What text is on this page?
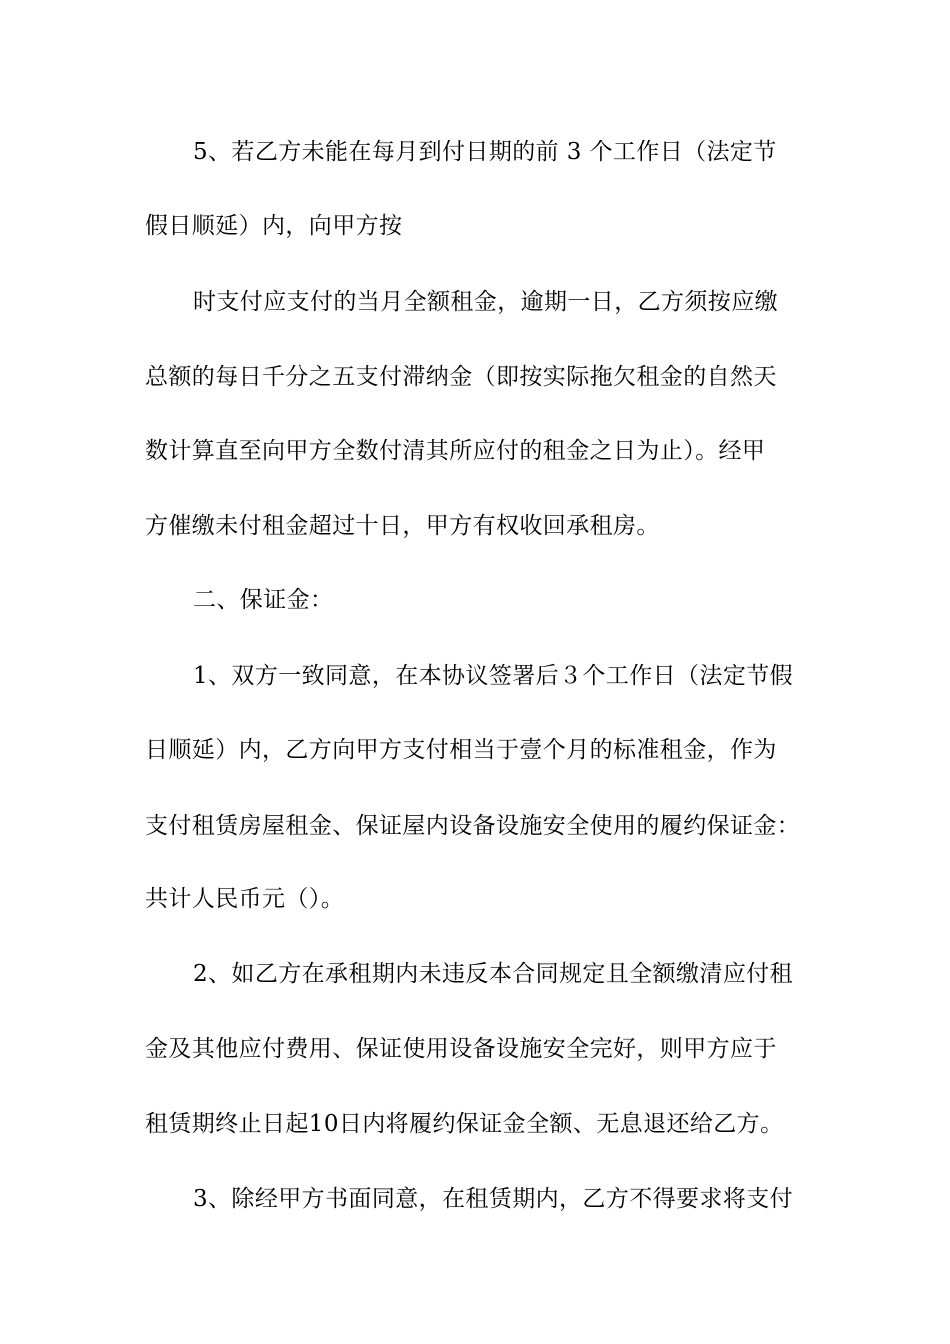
5、若乙方未能在每月到付日期的前 3 个工作日（法定节
假日顺延）内，向甲方按
时支付应支付的当月全额租金，逾期一日，乙方须按应缴
总额的每日千分之五支付滞纳金（即按实际拖欠租金的自然天
数计算直至向甲方全数付清其所应付的租金之日为止）。经甲
方催缴未付租金超过十日，甲方有权收回承租房。
二、保证金：
1、双方一致同意，在本协议签署后３个工作日（法定节假
日顺延）内，乙方向甲方支付相当于壹个月的标准租金，作为
支付租赁房屋租金、保证屋内设备设施安全使用的履约保证金：
共计人民币元（）。
2、如乙方在承租期内未违反本合同规定且全额缴清应付租
金及其他应付费用、保证使用设备设施安全完好，则甲方应于
租赁期终止日起10日内将履约保证金全额、无息退还给乙方。
3、除经甲方书面同意，在租赁期内，乙方不得要求将支付
